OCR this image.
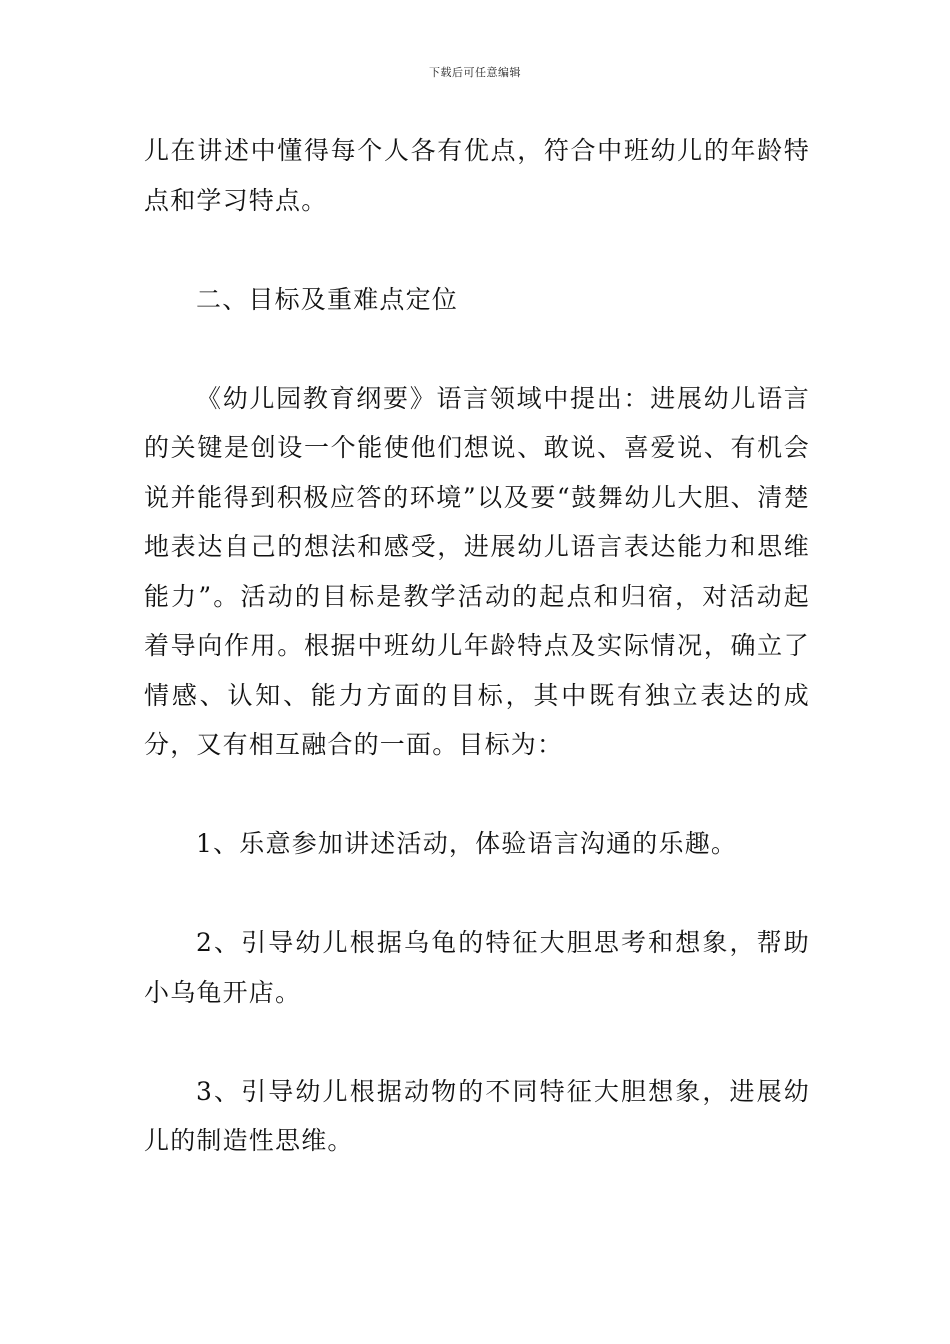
下载后可任意编辑

儿在讲述中懂得每个人各有优点，符合中班幼儿的年龄特点和学习特点。

二、目标及重难点定位

《幼儿园教育纲要》语言领域中提出：进展幼儿语言的关键是创设一个能使他们想说、敢说、喜爱说、有机会说并能得到积极应答的环境”以及要“鼓舞幼儿大胆、清楚地表达自己的想法和感受，进展幼儿语言表达能力和思维能力”。活动的目标是教学活动的起点和归宿，对活动起着导向作用。根据中班幼儿年龄特点及实际情况，确立了情感、认知、能力方面的目标，其中既有独立表达的成分，又有相互融合的一面。目标为：

1、乐意参加讲述活动，体验语言沟通的乐趣。

2、引导幼儿根据乌龟的特征大胆思考和想象，帮助小乌龟开店。

3、引导幼儿根据动物的不同特征大胆想象，进展幼儿的制造性思维。
